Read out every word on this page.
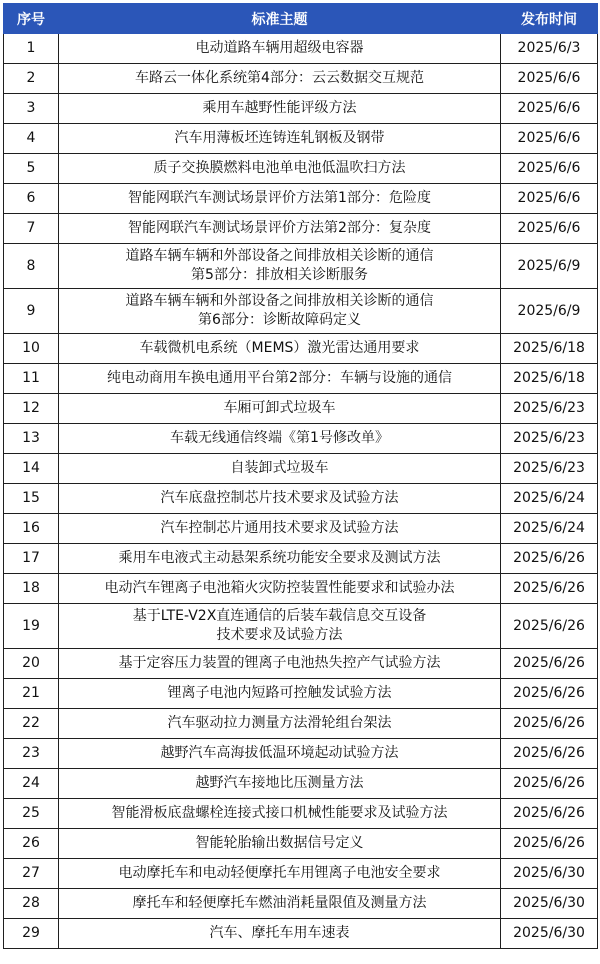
序号	标准主题	发布时间
1	电动道路车辆用超级电容器	2025/6/3
2	车路云一体化系统第4部分：云云数据交互规范	2025/6/6
3	乘用车越野性能评级方法	2025/6/6
4	汽车用薄板坯连铸连轧钢板及钢带	2025/6/6
5	质子交换膜燃料电池单电池低温吹扫方法	2025/6/6
6	智能网联汽车测试场景评价方法第1部分：危险度	2025/6/6
7	智能网联汽车测试场景评价方法第2部分：复杂度	2025/6/6
8	道路车辆车辆和外部设备之间排放相关诊断的通信
第5部分：排放相关诊断服务	2025/6/9
9	道路车辆车辆和外部设备之间排放相关诊断的通信
第6部分：诊断故障码定义	2025/6/9
10	车载微机电系统（MEMS）激光雷达通用要求	2025/6/18
11	纯电动商用车换电通用平台第2部分：车辆与设施的通信	2025/6/18
12	车厢可卸式垃圾车	2025/6/23
13	车载无线通信终端《第1号修改单》	2025/6/23
14	自装卸式垃圾车	2025/6/23
15	汽车底盘控制芯片技术要求及试验方法	2025/6/24
16	汽车控制芯片通用技术要求及试验方法	2025/6/24
17	乘用车电液式主动悬架系统功能安全要求及测试方法	2025/6/26
18	电动汽车锂离子电池箱火灾防控装置性能要求和试验办法	2025/6/26
19	基于LTE-V2X直连通信的后装车载信息交互设备
技术要求及试验方法	2025/6/26
20	基于定容压力装置的锂离子电池热失控产气试验方法	2025/6/26
21	锂离子电池内短路可控触发试验方法	2025/6/26
22	汽车驱动拉力测量方法滑轮组台架法	2025/6/26
23	越野汽车高海拔低温环境起动试验方法	2025/6/26
24	越野汽车接地比压测量方法	2025/6/26
25	智能滑板底盘螺栓连接式接口机械性能要求及试验方法	2025/6/26
26	智能轮胎输出数据信号定义	2025/6/26
27	电动摩托车和电动轻便摩托车用锂离子电池安全要求	2025/6/30
28	摩托车和轻便摩托车燃油消耗量限值及测量方法	2025/6/30
29	汽车、摩托车用车速表	2025/6/30
